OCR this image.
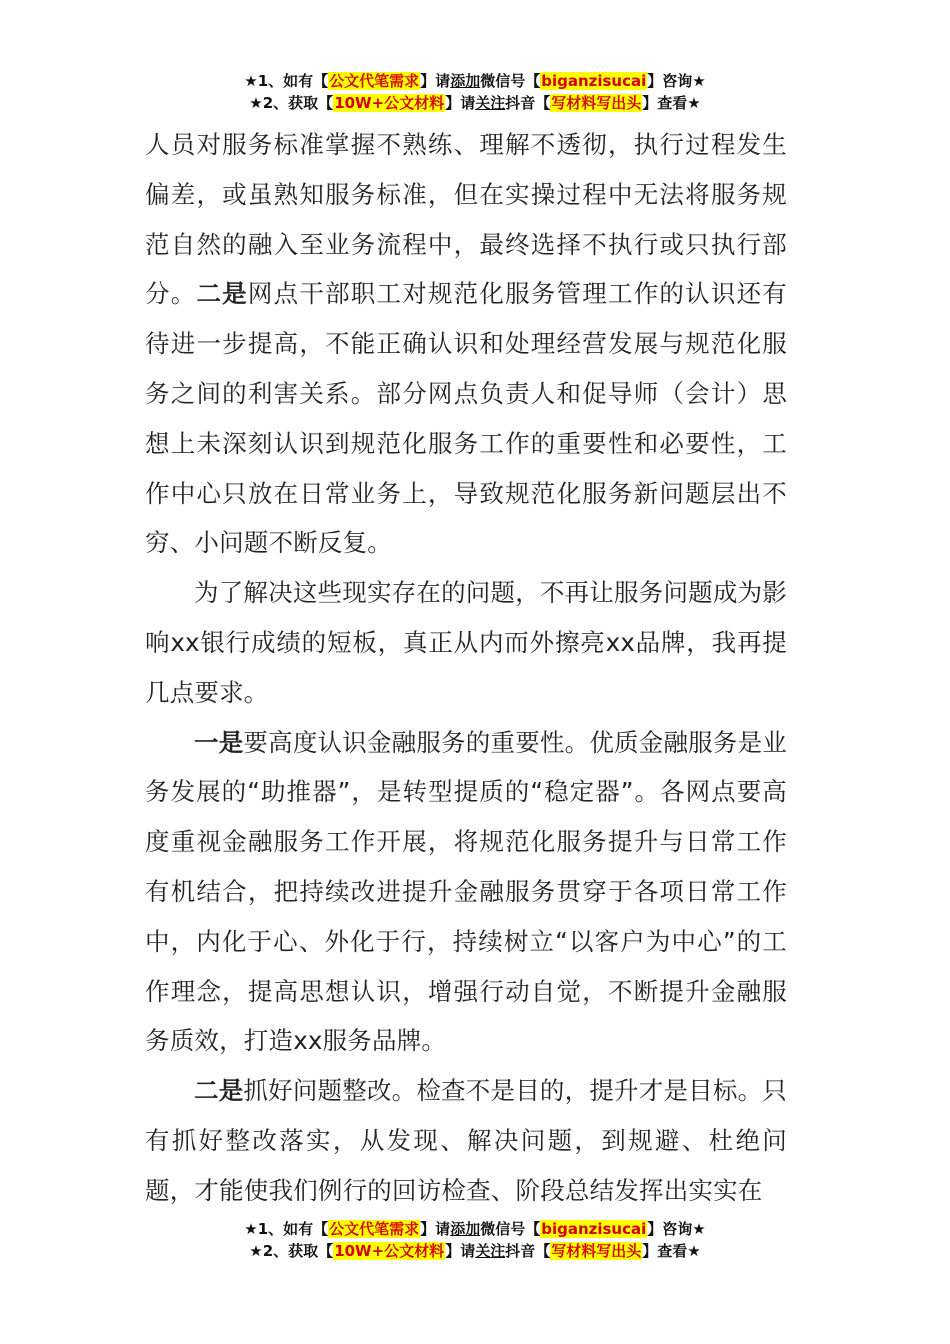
★1、如有【公文代笔需求】请添加微信号【biganzisucai】咨询★
★2、获取【10W+公文材料】请关注抖音【写材料写出头】查看★

人员对服务标准掌握不熟练、理解不透彻，执行过程发生偏差，或虽熟知服务标准，但在实操过程中无法将服务规范自然的融入至业务流程中，最终选择不执行或只执行部分。二是网点干部职工对规范化服务管理工作的认识还有待进一步提高，不能正确认识和处理经营发展与规范化服务之间的利害关系。部分网点负责人和促导师（会计）思想上未深刻认识到规范化服务工作的重要性和必要性，工作中心只放在日常业务上，导致规范化服务新问题层出不穷、小问题不断反复。

为了解决这些现实存在的问题，不再让服务问题成为影响xx银行成绩的短板，真正从内而外擦亮xx品牌，我再提几点要求。

一是要高度认识金融服务的重要性。优质金融服务是业务发展的“助推器”，是转型提质的“稳定器”。各网点要高度重视金融服务工作开展，将规范化服务提升与日常工作有机结合，把持续改进提升金融服务贯穿于各项日常工作中，内化于心、外化于行，持续树立“以客户为中心”的工作理念，提高思想认识，增强行动自觉，不断提升金融服务质效，打造xx服务品牌。

二是抓好问题整改。检查不是目的，提升才是目标。只有抓好整改落实，从发现、解决问题，到规避、杜绝问题，才能使我们例行的回访检查、阶段总结发挥出实实在

★1、如有【公文代笔需求】请添加微信号【biganzisucai】咨询★
★2、获取【10W+公文材料】请关注抖音【写材料写出头】查看★
